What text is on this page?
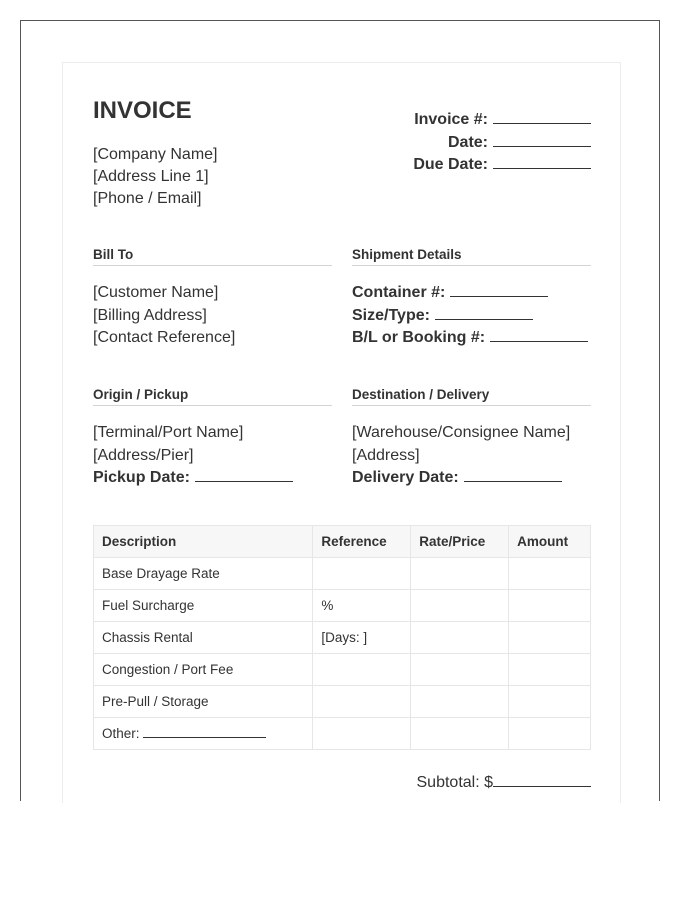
INVOICE
[Company Name]
[Address Line 1]
[Phone / Email]
Invoice #:
Date:
Due Date:
Bill To
[Customer Name]
[Billing Address]
[Contact Reference]
Shipment Details
Container #:
Size/Type:
B/L or Booking #:
Origin / Pickup
[Terminal/Port Name]
[Address/Pier]
Pickup Date:
Destination / Delivery
[Warehouse/Consignee Name]
[Address]
Delivery Date:
Description	Reference	Rate/Price	Amount
Base Drayage Rate			
Fuel Surcharge	%		
Chassis Rental	[Days: ]		
Congestion / Port Fee			
Pre-Pull / Storage			
Other:			
Subtotal: $
